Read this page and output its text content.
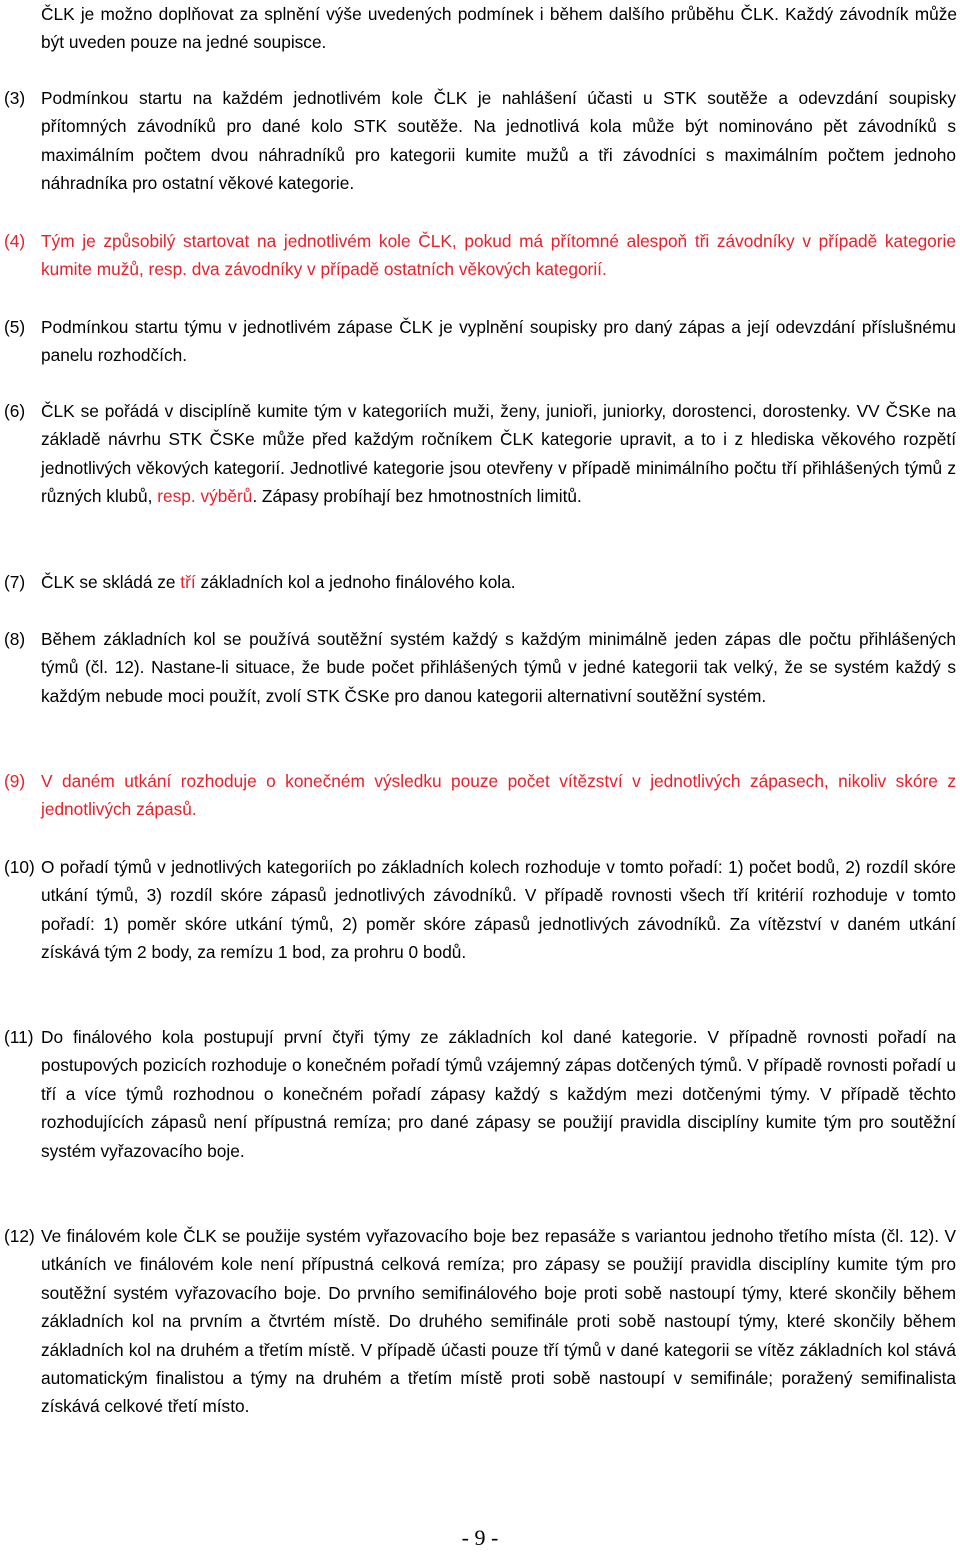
ČLK je možno doplňovat za splnění výše uvedených podmínek i během dalšího průběhu ČLK. Každý závodník může být uveden pouze na jedné soupisce.
(3) Podmínkou startu na každém jednotlivém kole ČLK je nahlášení účasti u STK soutěže a odevzdání soupisky přítomných závodníků pro dané kolo STK soutěže. Na jednotlivá kola může být nominováno pět závodníků s maximálním počtem dvou náhradníků pro kategorii kumite mužů a tři závodníci s maximálním počtem jednoho náhradníka pro ostatní věkové kategorie.
(4) Tým je způsobilý startovat na jednotlivém kole ČLK, pokud má přítomné alespoň tři závodníky v případě kategorie kumite mužů, resp. dva závodníky v případě ostatních věkových kategorií.
(5) Podmínkou startu týmu v jednotlivém zápase ČLK je vyplnění soupisky pro daný zápas a její odevzdání příslušnému panelu rozhodčích.
(6) ČLK se pořádá v disciplíně kumite tým v kategoriích muži, ženy, junioři, juniorky, dorostenci, dorostenky. VV ČSKe na základě návrhu STK ČSKe může před každým ročníkem ČLK kategorie upravit, a to i z hlediska věkového rozpětí jednotlivých věkových kategorií. Jednotlivé kategorie jsou otevřeny v případě minimálního počtu tří přihlášených týmů z různých klubů, resp. výběrů. Zápasy probíhají bez hmotnostních limitů.
(7) ČLK se skládá ze tří základních kol a jednoho finálového kola.
(8) Během základních kol se používá soutěžní systém každý s každým minimálně jeden zápas dle počtu přihlášených týmů (čl. 12). Nastane-li situace, že bude počet přihlášených týmů v jedné kategorii tak velký, že se systém každý s každým nebude moci použít, zvolí STK ČSKe pro danou kategorii alternativní soutěžní systém.
(9) V daném utkání rozhoduje o konečném výsledku pouze počet vítězství v jednotlivých zápasech, nikoliv skóre z jednotlivých zápasů.
(10) O pořadí týmů v jednotlivých kategoriích po základních kolech rozhoduje v tomto pořadí: 1) počet bodů, 2) rozdíl skóre utkání týmů, 3) rozdíl skóre zápasů jednotlivých závodníků. V případě rovnosti všech tří kritérií rozhoduje v tomto pořadí: 1) poměr skóre utkání týmů, 2) poměr skóre zápasů jednotlivých závodníků. Za vítězství v daném utkání získává tým 2 body, za remízu 1 bod, za prohru 0 bodů.
(11) Do finálového kola postupují první čtyři týmy ze základních kol dané kategorie. V případně rovnosti pořadí na postupových pozicích rozhoduje o konečném pořadí týmů vzájemný zápas dotčených týmů. V případě rovnosti pořadí u tří a více týmů rozhodnou o konečném pořadí zápasy každý s každým mezi dotčenými týmy. V případě těchto rozhodujících zápasů není přípustná remíza; pro dané zápasy se použijí pravidla disciplíny kumite tým pro soutěžní systém vyřazovacího boje.
(12) Ve finálovém kole ČLK se použije systém vyřazovacího boje bez repasáže s variantou jednoho třetího místa (čl. 12). V utkáních ve finálovém kole není přípustná celková remíza; pro zápasy se použijí pravidla disciplíny kumite tým pro soutěžní systém vyřazovacího boje. Do prvního semifinálového boje proti sobě nastoupí týmy, které skončily během základních kol na prvním a čtvrtém místě. Do druhého semifinále proti sobě nastoupí týmy, které skončily během základních kol na druhém a třetím místě. V případě účasti pouze tří týmů v dané kategorii se vítěz základních kol stává automatickým finalistou a týmy na druhém a třetím místě proti sobě nastoupí v semifinále; poražený semifinalista získává celkové třetí místo.
- 9 -
